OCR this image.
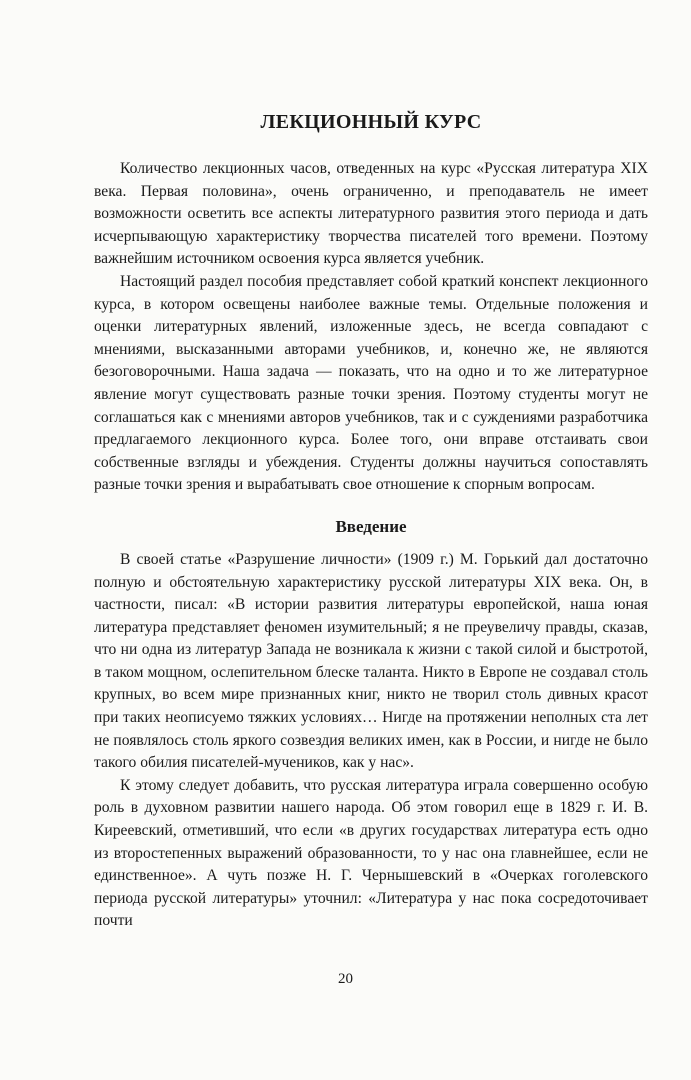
ЛЕКЦИОННЫЙ КУРС

Количество лекционных часов, отведенных на курс «Русская литература XIX века. Первая половина», очень ограниченно, и преподаватель не имеет возможности осветить все аспекты литературного развития этого периода и дать исчерпывающую характеристику творчества писателей того времени. Поэтому важнейшим источником освоения курса является учебник.

Настоящий раздел пособия представляет собой краткий конспект лекционного курса, в котором освещены наиболее важные темы. Отдельные положения и оценки литературных явлений, изложенные здесь, не всегда совпадают с мнениями, высказанными авторами учебников, и, конечно же, не являются безоговорочными. Наша задача — показать, что на одно и то же литературное явление могут существовать разные точки зрения. Поэтому студенты могут не соглашаться как с мнениями авторов учебников, так и с суждениями разработчика предлагаемого лекционного курса. Более того, они вправе отстаивать свои собственные взгляды и убеждения. Студенты должны научиться сопоставлять разные точки зрения и вырабатывать свое отношение к спорным вопросам.

Введение

В своей статье «Разрушение личности» (1909 г.) М. Горький дал достаточно полную и обстоятельную характеристику русской литературы XIX века. Он, в частности, писал: «В истории развития литературы европейской, наша юная литература представляет феномен изумительный; я не преувеличу правды, сказав, что ни одна из литератур Запада не возникала к жизни с такой силой и быстротой, в таком мощном, ослепительном блеске таланта. Никто в Европе не создавал столь крупных, во всем мире признанных книг, никто не творил столь дивных красот при таких неописуемо тяжких условиях… Нигде на протяжении неполных ста лет не появлялось столь яркого созвездия великих имен, как в России, и нигде не было такого обилия писателей-мучеников, как у нас».

К этому следует добавить, что русская литература играла совершенно особую роль в духовном развитии нашего народа. Об этом говорил еще в 1829 г. И. В. Киреевский, отметивший, что если «в других государствах литература есть одно из второстепенных выражений образованности, то у нас она главнейшее, если не единственное». А чуть позже Н. Г. Чернышевский в «Очерках гоголевского периода русской литературы» уточнил: «Литература у нас пока сосредоточивает почти

20
